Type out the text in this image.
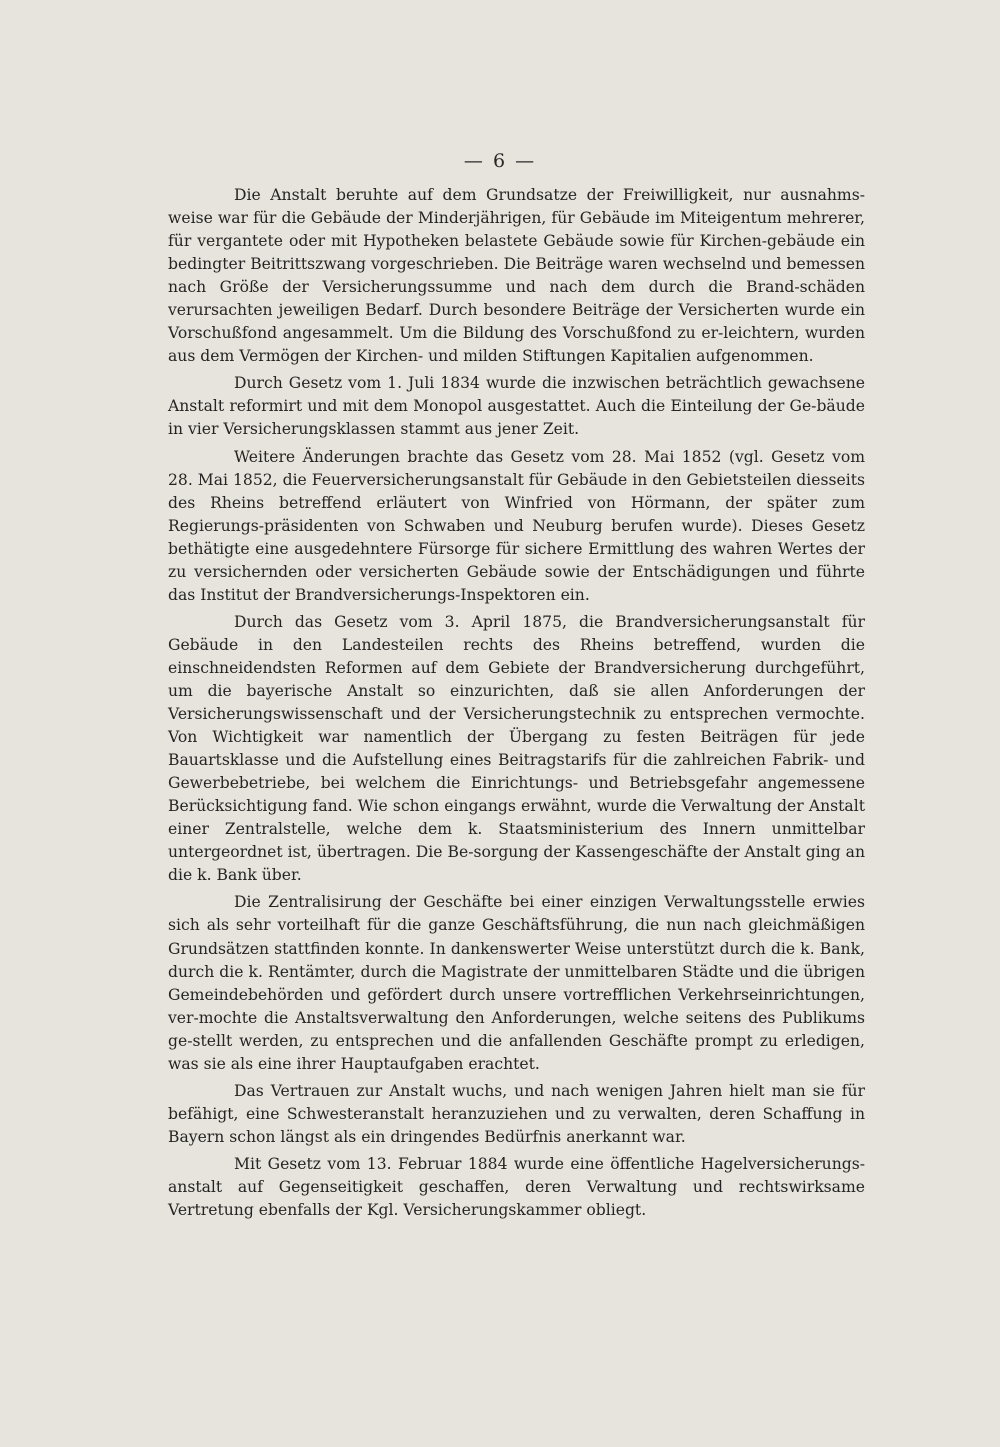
— 6 —

Die Anstalt beruhte auf dem Grundsatze der Freiwilligkeit, nur ausnahms-weise war für die Gebäude der Minderjährigen, für Gebäude im Miteigentum mehrerer, für vergantete oder mit Hypotheken belastete Gebäude sowie für Kirchen-gebäude ein bedingter Beitrittszwang vorgeschrieben. Die Beiträge waren wechselnd und bemessen nach Größe der Versicherungssumme und nach dem durch die Brand-schäden verursachten jeweiligen Bedarf. Durch besondere Beiträge der Versicherten wurde ein Vorschußfond angesammelt. Um die Bildung des Vorschußfond zu er-leichtern, wurden aus dem Vermögen der Kirchen- und milden Stiftungen Kapitalien aufgenommen.

Durch Gesetz vom 1. Juli 1834 wurde die inzwischen beträchtlich gewachsene Anstalt reformirt und mit dem Monopol ausgestattet. Auch die Einteilung der Ge-bäude in vier Versicherungsklassen stammt aus jener Zeit.

Weitere Änderungen brachte das Gesetz vom 28. Mai 1852 (vgl. Gesetz vom 28. Mai 1852, die Feuerversicherungsanstalt für Gebäude in den Gebietsteilen diesseits des Rheins betreffend erläutert von Winfried von Hörmann, der später zum Regierungs-präsidenten von Schwaben und Neuburg berufen wurde). Dieses Gesetz bethätigte eine ausgedehntere Fürsorge für sichere Ermittlung des wahren Wertes der zu versichernden oder versicherten Gebäude sowie der Entschädigungen und führte das Institut der Brandversicherungs-Inspektoren ein.

Durch das Gesetz vom 3. April 1875, die Brandversicherungsanstalt für Gebäude in den Landesteilen rechts des Rheins betreffend, wurden die einschneidendsten Reformen auf dem Gebiete der Brandversicherung durchgeführt, um die bayerische Anstalt so einzurichten, daß sie allen Anforderungen der Versicherungswissenschaft und der Versicherungstechnik zu entsprechen vermochte. Von Wichtigkeit war namentlich der Übergang zu festen Beiträgen für jede Bauartsklasse und die Aufstellung eines Beitragstarifs für die zahlreichen Fabrik- und Gewerbebetriebe, bei welchem die Einrichtungs- und Betriebsgefahr angemessene Berücksichtigung fand. Wie schon eingangs erwähnt, wurde die Verwaltung der Anstalt einer Zentralstelle, welche dem k. Staatsministerium des Innern unmittelbar untergeordnet ist, übertragen. Die Be-sorgung der Kassengeschäfte der Anstalt ging an die k. Bank über.

Die Zentralisirung der Geschäfte bei einer einzigen Verwaltungsstelle erwies sich als sehr vorteilhaft für die ganze Geschäftsführung, die nun nach gleichmäßigen Grundsätzen stattfinden konnte. In dankenswerter Weise unterstützt durch die k. Bank, durch die k. Rentämter, durch die Magistrate der unmittelbaren Städte und die übrigen Gemeindebehörden und gefördert durch unsere vortrefflichen Verkehrseinrichtungen, ver-mochte die Anstaltsverwaltung den Anforderungen, welche seitens des Publikums ge-stellt werden, zu entsprechen und die anfallenden Geschäfte prompt zu erledigen, was sie als eine ihrer Hauptaufgaben erachtet.

Das Vertrauen zur Anstalt wuchs, und nach wenigen Jahren hielt man sie für befähigt, eine Schwesteranstalt heranzuziehen und zu verwalten, deren Schaffung in Bayern schon längst als ein dringendes Bedürfnis anerkannt war.

Mit Gesetz vom 13. Februar 1884 wurde eine öffentliche Hagelversicherungs-anstalt auf Gegenseitigkeit geschaffen, deren Verwaltung und rechtswirksame Vertretung ebenfalls der Kgl. Versicherungskammer obliegt.
